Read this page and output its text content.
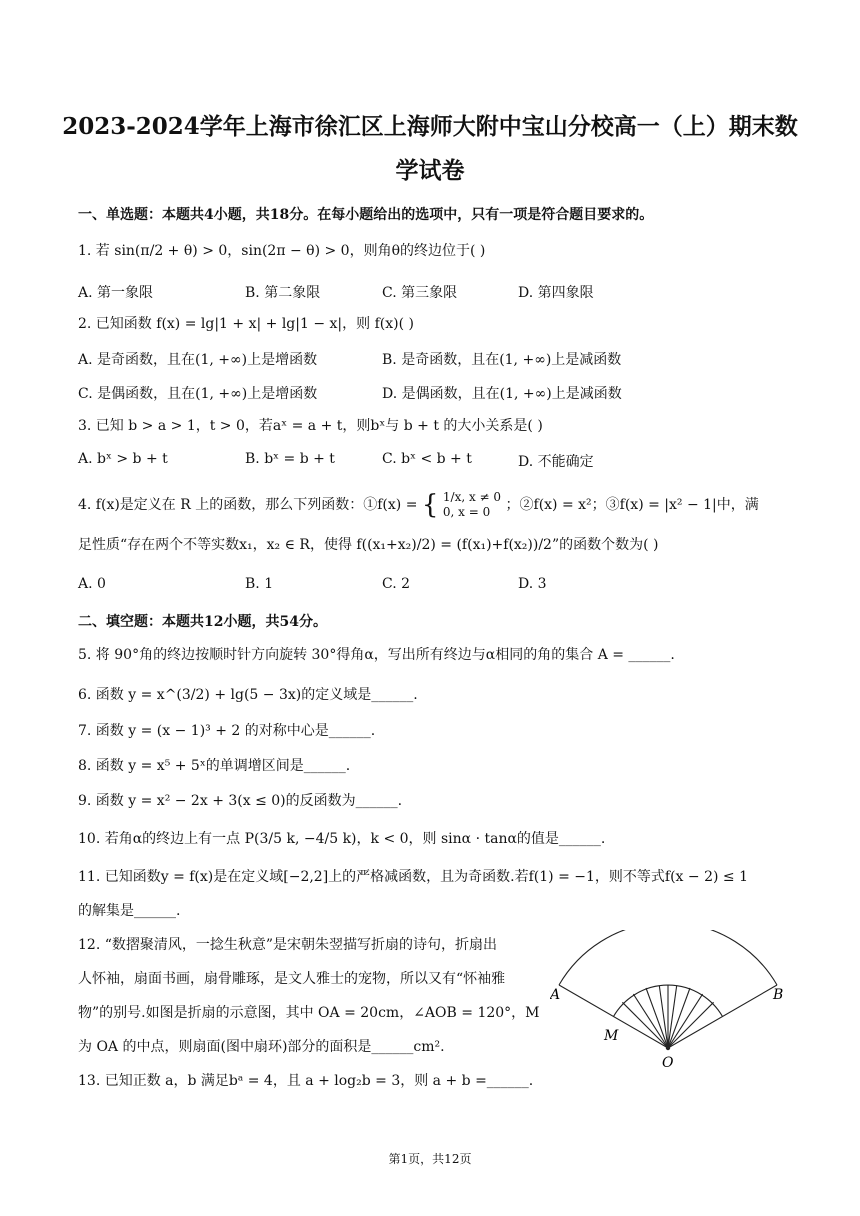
2023-2024学年上海市徐汇区上海师大附中宝山分校高一（上）期末数
学试卷
一、单选题：本题共4小题，共18分。在每小题给出的选项中，只有一项是符合题目要求的。
1. 若 sin(π/2 + θ) > 0，sin(2π − θ) > 0，则角θ的终边位于( )
A. 第一象限	B. 第二象限	C. 第三象限	D. 第四象限
2. 已知函数 f(x) = lg|1 + x| + lg|1 − x|，则 f(x)( )
A. 是奇函数，且在(1, +∞)上是增函数	B. 是奇函数，且在(1, +∞)上是减函数
C. 是偶函数，且在(1, +∞)上是增函数	D. 是偶函数，且在(1, +∞)上是减函数
3. 已知 b > a > 1，t > 0，若aˣ = a + t，则bˣ与 b + t 的大小关系是( )
A. bˣ > b + t	B. bˣ = b + t	C. bˣ < b + t	D. 不能确定
4. f(x)是定义在 R 上的函数，那么下列函数：①f(x) = { 1/x, x ≠ 0
0, x = 0	；②f(x) = x²；③f(x) = |x² − 1|中，满
足性质“存在两个不等实数x₁，x₂ ∈ R，使得 f((x₁+x₂)/2) = (f(x₁)+f(x₂))/2”的函数个数为( )
A. 0	B. 1	C. 2	D. 3
二、填空题：本题共12小题，共54分。
5. 将 90°角的终边按顺时针方向旋转 30°得角α，写出所有终边与α相同的角的集合 A = ______.
6. 函数 y = x^(3/2) + lg(5 − 3x)的定义域是______.
7. 函数 y = (x − 1)³ + 2 的对称中心是______.
8. 函数 y = x⁵ + 5ˣ的单调增区间是______.
9. 函数 y = x² − 2x + 3(x ≤ 0)的反函数为______.
10. 若角α的终边上有一点 P(3/5 k, −4/5 k)，k < 0，则 sinα · tanα的值是______.
11. 已知函数y = f(x)是在定义域[−2,2]上的严格减函数，且为奇函数.若f(1) = −1，则不等式f(x − 2) ≤ 1
的解集是______.
12. “数摺聚清风，一捻生秋意”是宋朝朱翌描写折扇的诗句，折扇出
人怀袖，扇面书画，扇骨雕琢，是文人雅士的宠物，所以又有“怀袖雅
物”的别号.如图是折扇的示意图，其中 OA = 20cm，∠AOB = 120°，M
为 OA 的中点，则扇面(图中扇环)部分的面积是______cm².
13. 已知正数 a，b 满足bᵃ = 4，且 a + log₂b = 3，则 a + b =______.
A	B
M
O
第1页，共12页
